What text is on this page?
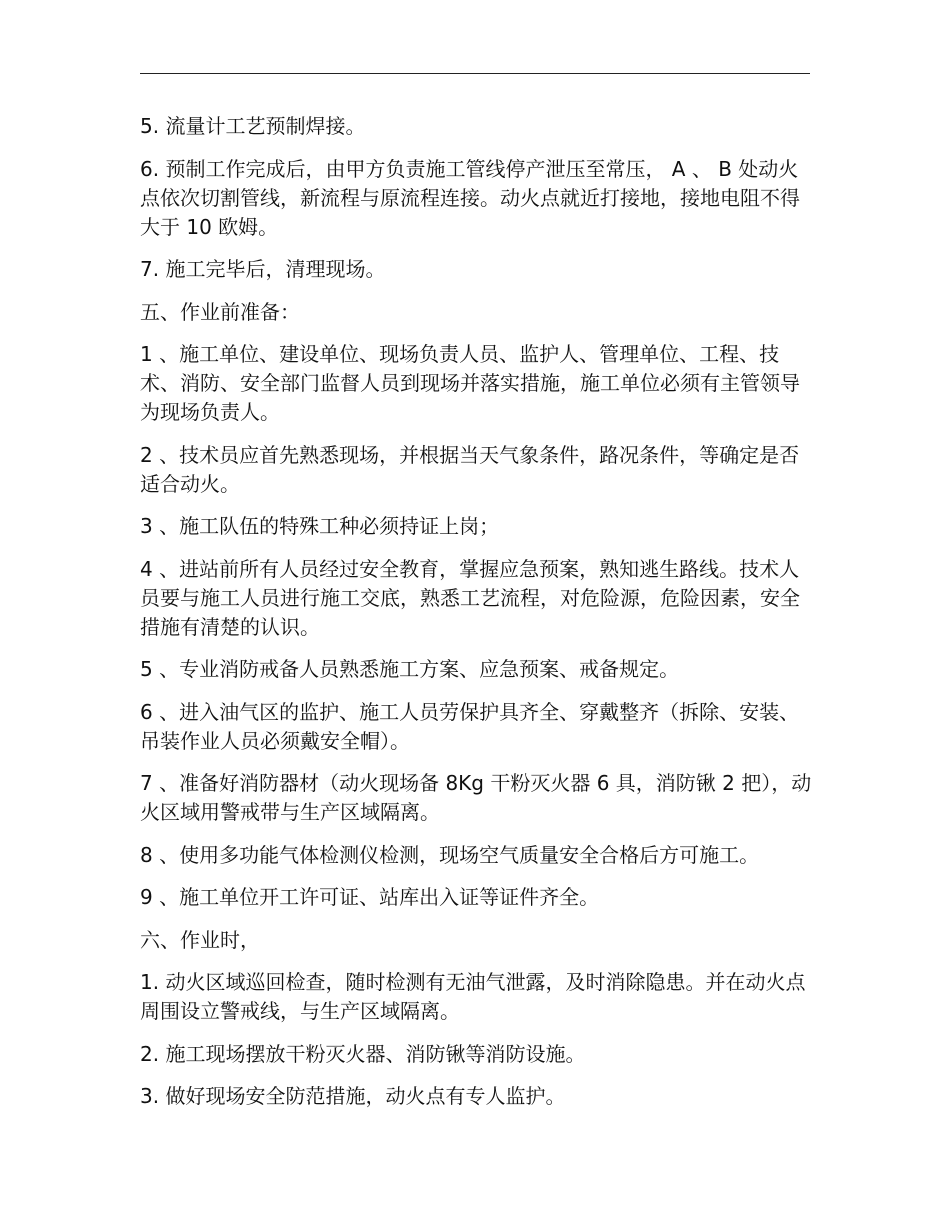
5. 流量计工艺预制焊接。

6. 预制工作完成后，由甲方负责施工管线停产泄压至常压， A 、 B 处动火点依次切割管线，新流程与原流程连接。动火点就近打接地，接地电阻不得大于 10 欧姆。

7. 施工完毕后，清理现场。

五、作业前准备：

1 、施工单位、建设单位、现场负责人员、监护人、管理单位、工程、技术、消防、安全部门监督人员到现场并落实措施，施工单位必须有主管领导为现场负责人。

2 、技术员应首先熟悉现场，并根据当天气象条件，路况条件，等确定是否适合动火。

3 、施工队伍的特殊工种必须持证上岗；

4 、进站前所有人员经过安全教育，掌握应急预案，熟知逃生路线。技术人员要与施工人员进行施工交底，熟悉工艺流程，对危险源，危险因素，安全措施有清楚的认识。

5 、专业消防戒备人员熟悉施工方案、应急预案、戒备规定。

6 、进入油气区的监护、施工人员劳保护具齐全、穿戴整齐（拆除、安装、吊装作业人员必须戴安全帽）。

7 、准备好消防器材（动火现场备 8Kg 干粉灭火器 6 具，消防锹 2 把），动火区域用警戒带与生产区域隔离。

8 、使用多功能气体检测仪检测，现场空气质量安全合格后方可施工。

9 、施工单位开工许可证、站库出入证等证件齐全。

六、作业时，

1. 动火区域巡回检查，随时检测有无油气泄露，及时消除隐患。并在动火点周围设立警戒线，与生产区域隔离。

2. 施工现场摆放干粉灭火器、消防锹等消防设施。

3. 做好现场安全防范措施，动火点有专人监护。
